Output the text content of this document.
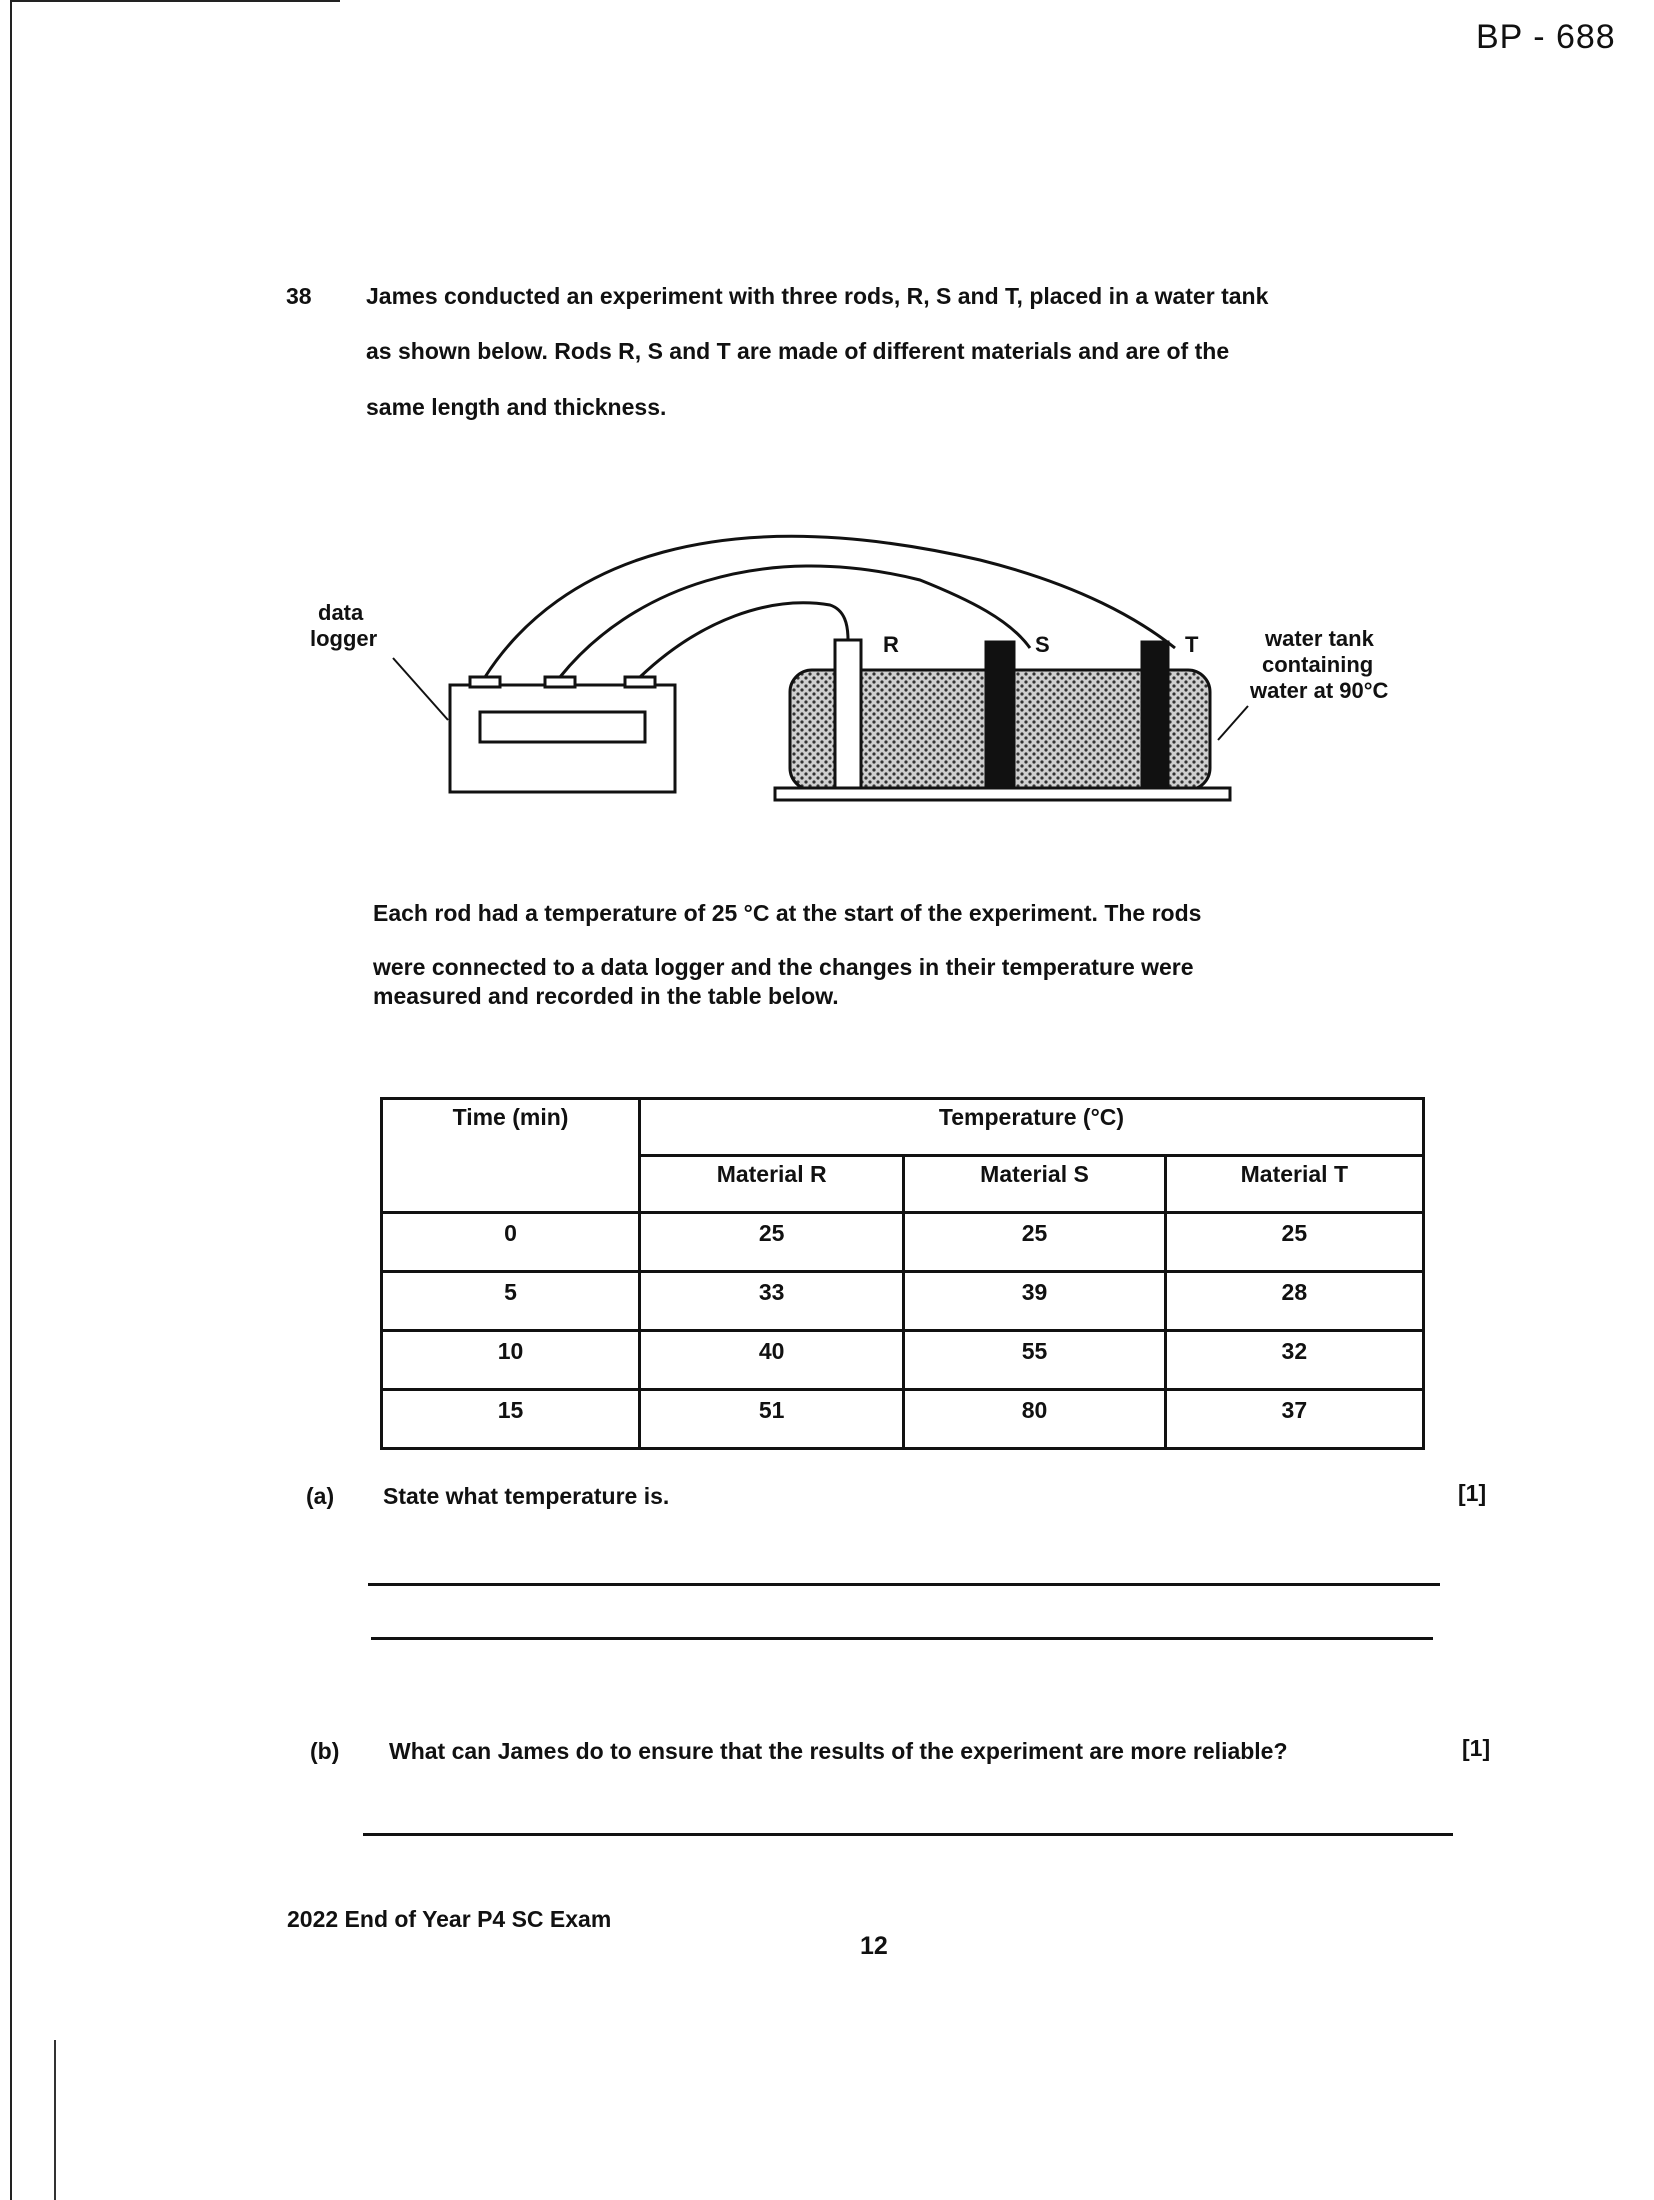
BP - 688
38 James conducted an experiment with three rods, R, S and T, placed in a water tank
as shown below. Rods R, S and T are made of different materials and are of the
same length and thickness.
data
logger	R	S	T	water tank
containing
water at 90°C
Each rod had a temperature of 25 °C at the start of the experiment. The rods
were connected to a data logger and the changes in their temperature were
measured and recorded in the table below.
Time (min)	Temperature (°C)		
	Material R	Material S	Material T
0	25	25	25
5	33	39	28
10	40	55	32
15	51	80	37
(a) State what temperature is.	[1]
(b) What can James do to ensure that the results of the experiment are more reliable?	[1]
2022 End of Year P4 SC Exam
12
